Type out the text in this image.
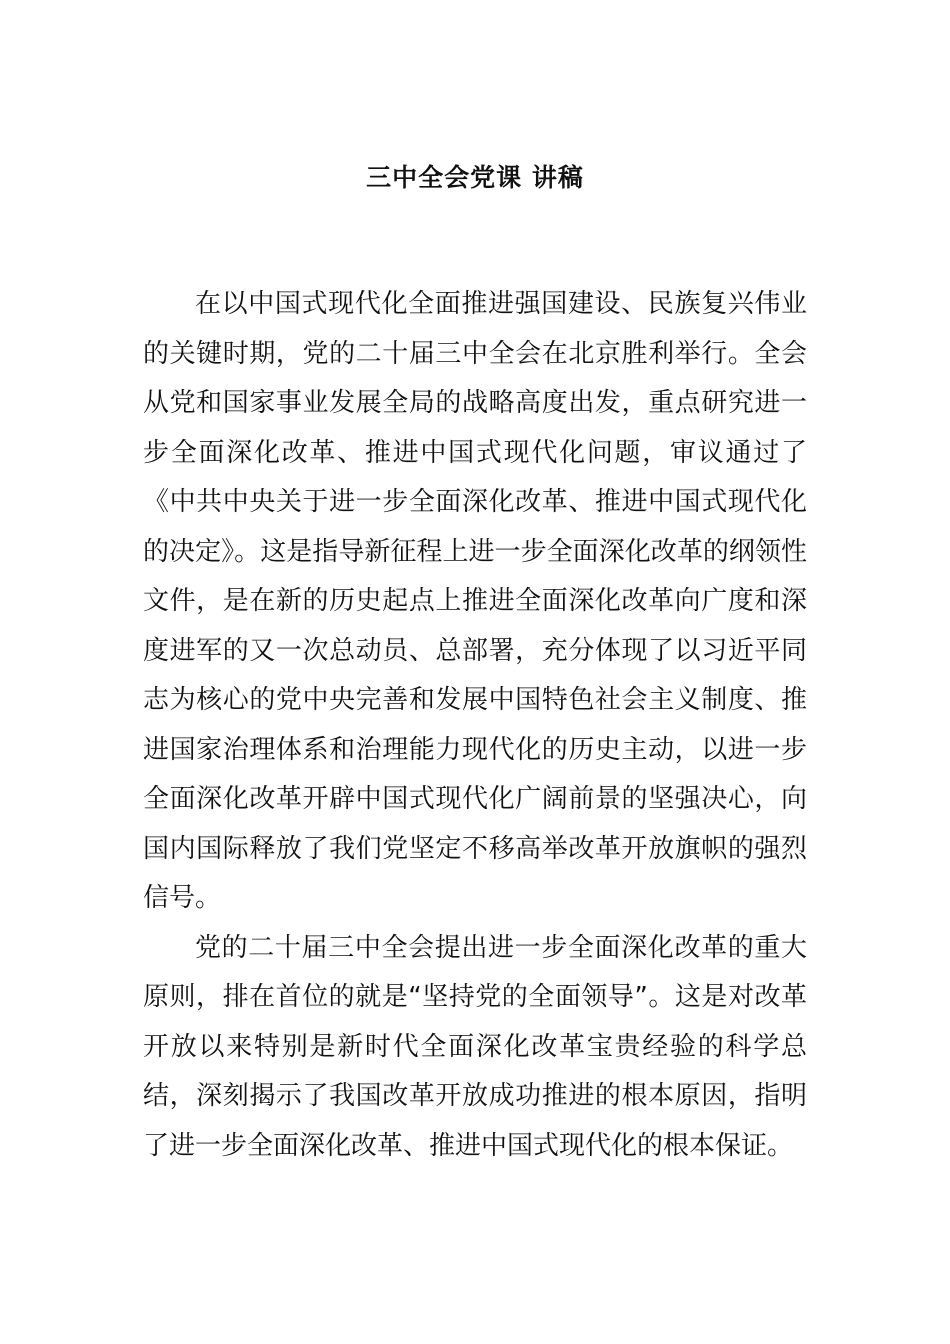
三中全会党课 讲稿

在以中国式现代化全面推进强国建设、民族复兴伟业的关键时期，党的二十届三中全会在北京胜利举行。全会从党和国家事业发展全局的战略高度出发，重点研究进一步全面深化改革、推进中国式现代化问题，审议通过了《中共中央关于进一步全面深化改革、推进中国式现代化的决定》。这是指导新征程上进一步全面深化改革的纲领性文件，是在新的历史起点上推进全面深化改革向广度和深度进军的又一次总动员、总部署，充分体现了以习近平同志为核心的党中央完善和发展中国特色社会主义制度、推进国家治理体系和治理能力现代化的历史主动，以进一步全面深化改革开辟中国式现代化广阔前景的坚强决心，向国内国际释放了我们党坚定不移高举改革开放旗帜的强烈信号。

党的二十届三中全会提出进一步全面深化改革的重大原则，排在首位的就是“坚持党的全面领导”。这是对改革开放以来特别是新时代全面深化改革宝贵经验的科学总结，深刻揭示了我国改革开放成功推进的根本原因，指明了进一步全面深化改革、推进中国式现代化的根本保证。
